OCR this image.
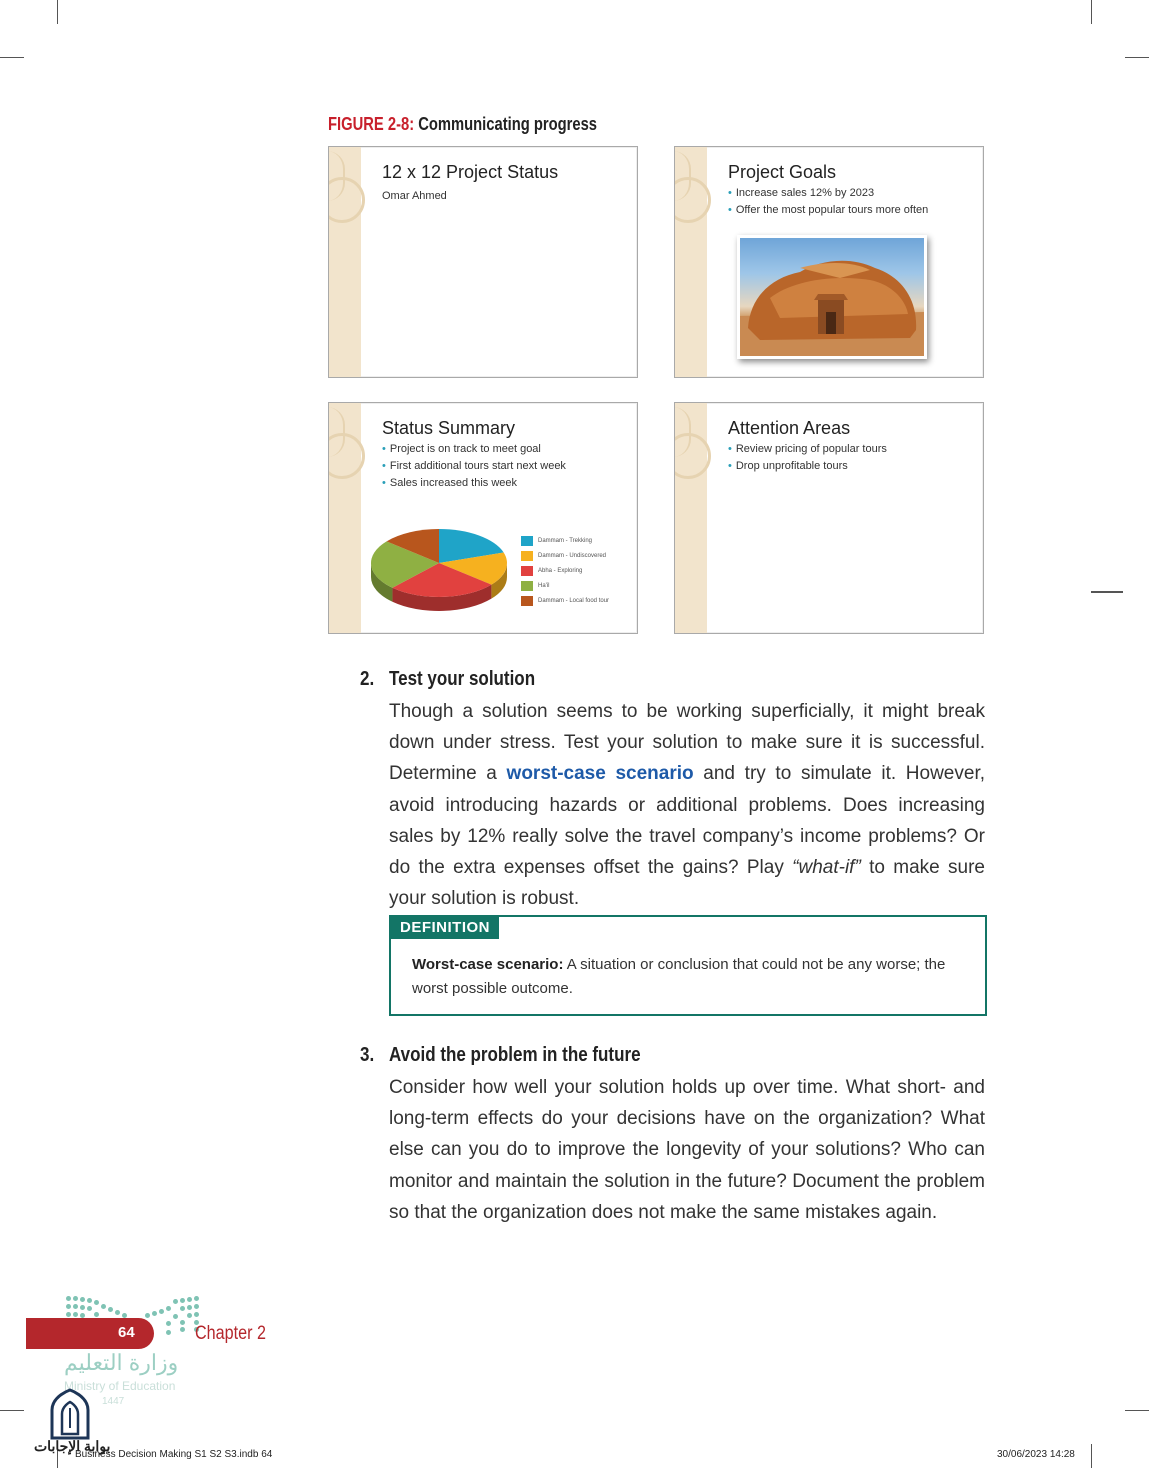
FIGURE 2-8: Communicating progress
12 x 12 Project Status
Omar Ahmed
Project Goals
• Increase sales 12% by 2023
• Offer the most popular tours more often
Status Summary
• Project is on track to meet goal
• First additional tours start next week
• Sales increased this week
Dammam - Trekking
Dammam - Undiscovered
Abha - Exploring
Ha'il
Dammam - Local food tour
Attention Areas
• Review pricing of popular tours
• Drop unprofitable tours
2. Test your solution
Though a solution seems to be working superficially, it might break down under stress. Test your solution to make sure it is successful. Determine a worst-case scenario and try to simulate it. However, avoid introducing hazards or additional problems. Does increasing sales by 12% really solve the travel company’s income problems? Or do the extra expenses offset the gains? Play “what-if” to make sure your solution is robust.
DEFINITION
Worst-case scenario: A situation or conclusion that could not be any worse; the worst possible outcome.
3. Avoid the problem in the future
Consider how well your solution holds up over time. What short- and long-term effects do your decisions have on the organization? What else can you do to improve the longevity of your solutions? Who can monitor and maintain the solution in the future? Document the problem so that the organization does not make the same mistakes again.
64	Chapter 2
وزارة التعليم
Ministry of Education
1447
بوابة الإجابات
Business Decision Making S1 S2 S3.indb 64	30/06/2023 14:28
